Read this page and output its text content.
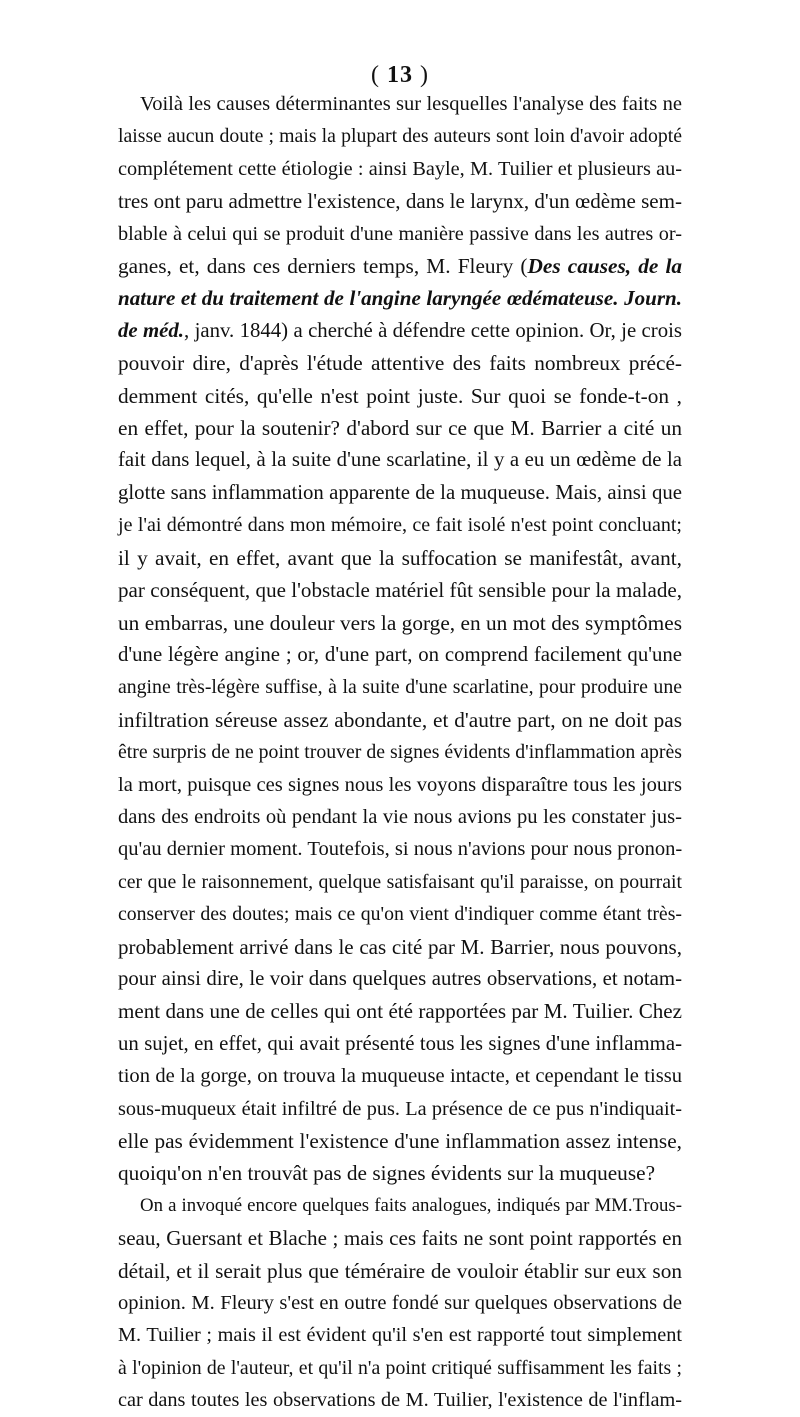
( 13 )
Voilà les causes déterminantes sur lesquelles l'analyse des faits ne
laisse aucun doute ; mais la plupart des auteurs sont loin d'avoir adopté
complétement cette étiologie : ainsi Bayle, M. Tuilier et plusieurs au-
tres ont paru admettre l'existence, dans le larynx, d'un œdème sem-
blable à celui qui se produit d'une manière passive dans les autres or-
ganes, et, dans ces derniers temps, M. Fleury (Des causes, de la
nature et du traitement de l'angine laryngée œdémateuse. Journ.
de méd., janv. 1844) a cherché à défendre cette opinion. Or, je crois
pouvoir dire, d'après l'étude attentive des faits nombreux précé-
demment cités, qu'elle n'est point juste. Sur quoi se fonde-t-on ,
en effet, pour la soutenir? d'abord sur ce que M. Barrier a cité un
fait dans lequel, à la suite d'une scarlatine, il y a eu un œdème de la
glotte sans inflammation apparente de la muqueuse. Mais, ainsi que
je l'ai démontré dans mon mémoire, ce fait isolé n'est point concluant;
il y avait, en effet, avant que la suffocation se manifestât, avant,
par conséquent, que l'obstacle matériel fût sensible pour la malade,
un embarras, une douleur vers la gorge, en un mot des symptômes
d'une légère angine ; or, d'une part, on comprend facilement qu'une
angine très-légère suffise, à la suite d'une scarlatine, pour produire une
infiltration séreuse assez abondante, et d'autre part, on ne doit pas
être surpris de ne point trouver de signes évidents d'inflammation après
la mort, puisque ces signes nous les voyons disparaître tous les jours
dans des endroits où pendant la vie nous avions pu les constater jus-
qu'au dernier moment. Toutefois, si nous n'avions pour nous pronon-
cer que le raisonnement, quelque satisfaisant qu'il paraisse, on pourrait
conserver des doutes; mais ce qu'on vient d'indiquer comme étant très-
probablement arrivé dans le cas cité par M. Barrier, nous pouvons,
pour ainsi dire, le voir dans quelques autres observations, et notam-
ment dans une de celles qui ont été rapportées par M. Tuilier. Chez
un sujet, en effet, qui avait présenté tous les signes d'une inflamma-
tion de la gorge, on trouva la muqueuse intacte, et cependant le tissu
sous-muqueux était infiltré de pus. La présence de ce pus n'indiquait-
elle pas évidemment l'existence d'une inflammation assez intense,
quoiqu'on n'en trouvât pas de signes évidents sur la muqueuse?
On a invoqué encore quelques faits analogues, indiqués par MM.Trous-
seau, Guersant et Blache ; mais ces faits ne sont point rapportés en
détail, et il serait plus que téméraire de vouloir établir sur eux son
opinion. M. Fleury s'est en outre fondé sur quelques observations de
M. Tuilier ; mais il est évident qu'il s'en est rapporté tout simplement
à l'opinion de l'auteur, et qu'il n'a point critiqué suffisamment les faits ;
car dans toutes les observations de M. Tuilier, l'existence de l'inflam-
